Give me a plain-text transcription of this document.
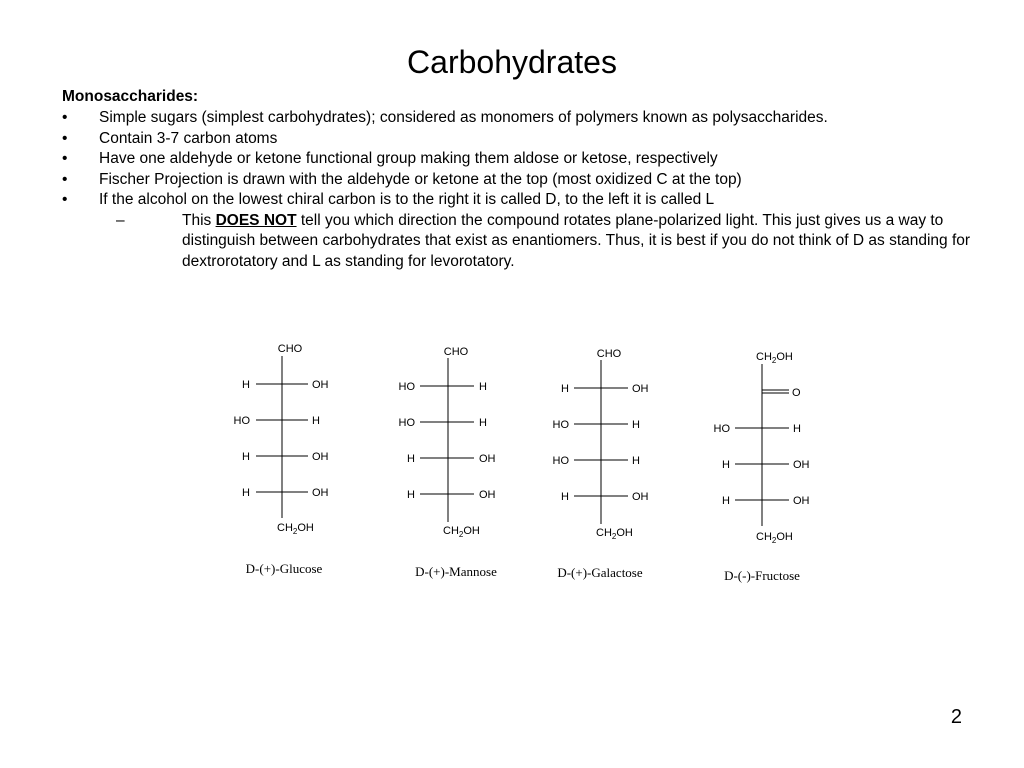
Carbohydrates
Monosaccharides:
• Simple sugars (simplest carbohydrates); considered as monomers of polymers known as polysaccharides.
• Contain 3-7 carbon atoms
• Have one aldehyde or ketone functional group making them aldose or ketose, respectively
• Fischer Projection is drawn with the aldehyde or ketone at the top (most oxidized C at the top)
• If the alcohol on the lowest chiral carbon is to the right it is called D, to the left it is called L
–	This DOES NOT tell you which direction the compound rotates plane-polarized light. This just gives us a way to distinguish between carbohydrates that exist as enantiomers. Thus, it is best if you do not think of D as standing for dextrorotatory and L as standing for levorotatory.
CHO
H	OH
HO	H
H	OH
H	OH
$CH_2OH$
D-(+)-Glucose
CHO
HO	H
HO	H
H	OH
H	OH
$CH_2OH$
D-(+)-Mannose
CHO
H	OH
HO	H
HO	H
H	OH
$CH_2OH$
D-(+)-Galactose
$CH_2OH$
O
HO	H
H	OH
H	OH
$CH_2OH$
D-(-)-Fructose
2
